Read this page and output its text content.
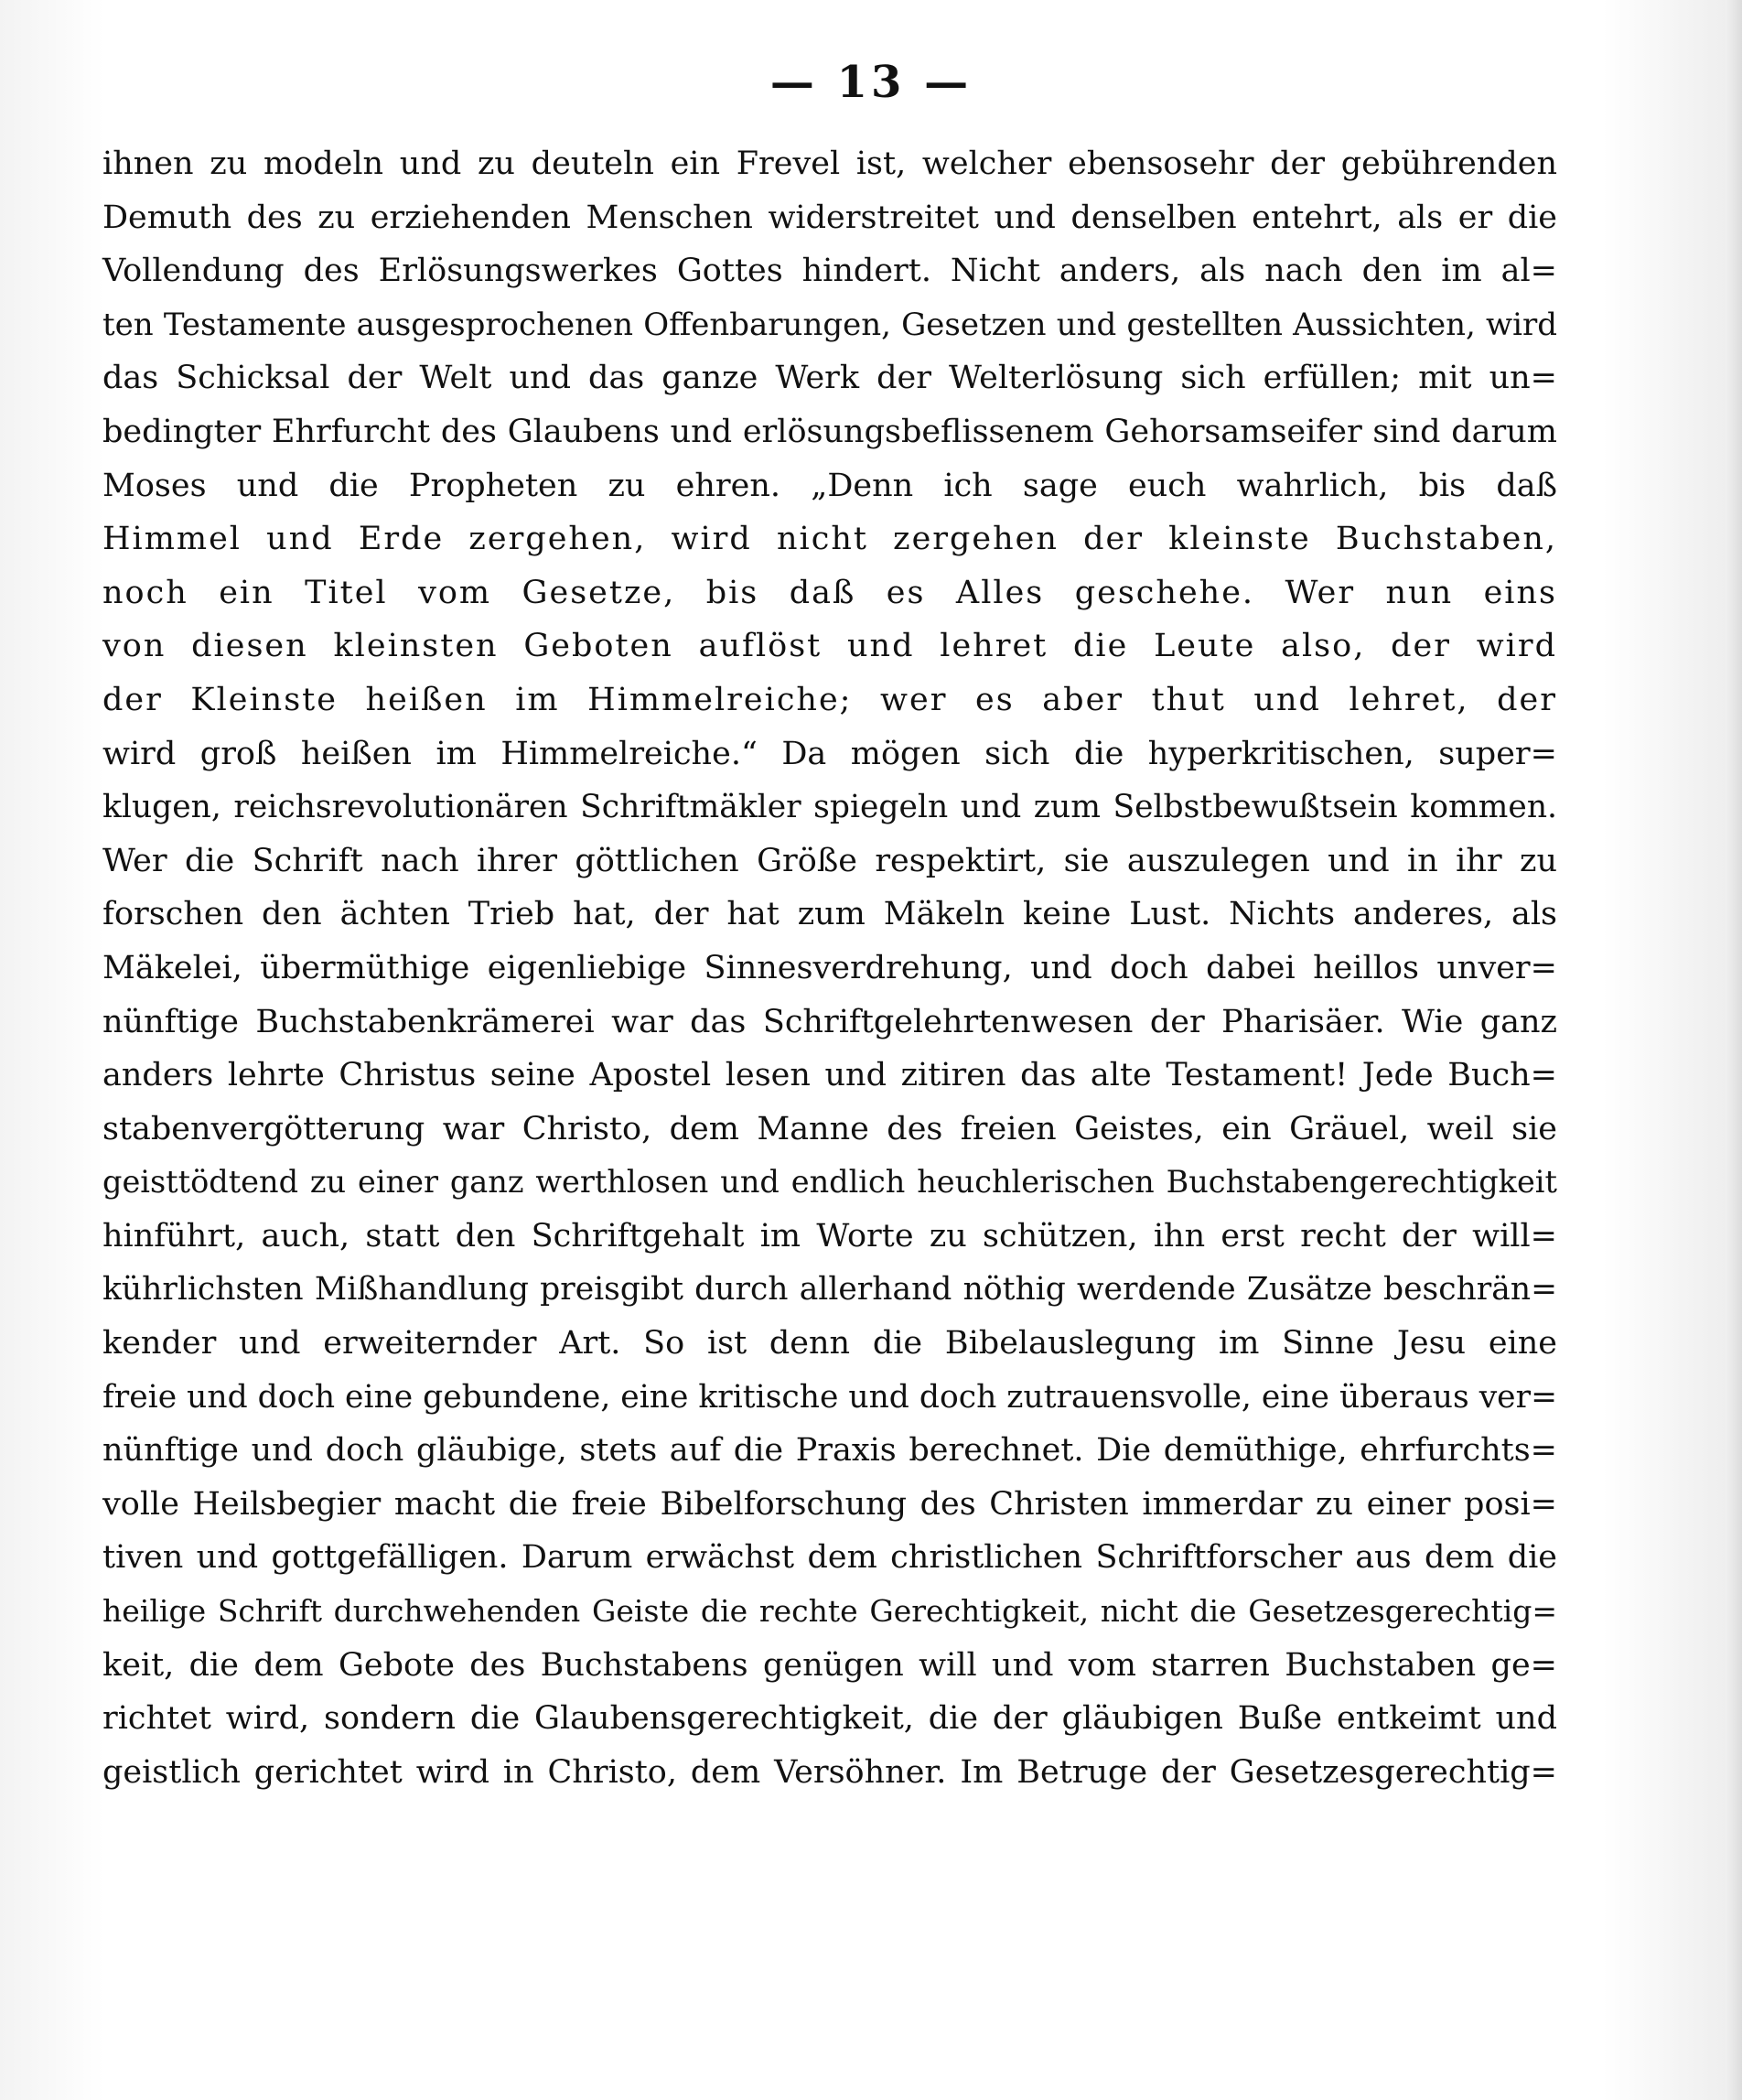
— 13 —
ihnen zu modeln und zu deuteln ein Frevel ist, welcher ebensosehr der gebührenden
Demuth des zu erziehenden Menschen widerstreitet und denselben entehrt, als er die
Vollendung des Erlösungswerkes Gottes hindert. Nicht anders, als nach den im al=
ten Testamente ausgesprochenen Offenbarungen, Gesetzen und gestellten Aussichten, wird
das Schicksal der Welt und das ganze Werk der Welterlösung sich erfüllen; mit un=
bedingter Ehrfurcht des Glaubens und erlösungsbeflissenem Gehorsamseifer sind darum
Moses und die Propheten zu ehren. „Denn ich sage euch wahrlich, bis daß
Himmel und Erde zergehen, wird nicht zergehen der kleinste Buchstaben,
noch ein Titel vom Gesetze, bis daß es Alles geschehe. Wer nun eins
von diesen kleinsten Geboten auflöst und lehret die Leute also, der wird
der Kleinste heißen im Himmelreiche; wer es aber thut und lehret, der
wird groß heißen im Himmelreiche.“ Da mögen sich die hyperkritischen, super=
klugen, reichsrevolutionären Schriftmäkler spiegeln und zum Selbstbewußtsein kommen.
Wer die Schrift nach ihrer göttlichen Größe respektirt, sie auszulegen und in ihr zu
forschen den ächten Trieb hat, der hat zum Mäkeln keine Lust. Nichts anderes, als
Mäkelei, übermüthige eigenliebige Sinnesverdrehung, und doch dabei heillos unver=
nünftige Buchstabenkrämerei war das Schriftgelehrtenwesen der Pharisäer. Wie ganz
anders lehrte Christus seine Apostel lesen und zitiren das alte Testament! Jede Buch=
stabenvergötterung war Christo, dem Manne des freien Geistes, ein Gräuel, weil sie
geisttödtend zu einer ganz werthlosen und endlich heuchlerischen Buchstabengerechtigkeit
hinführt, auch, statt den Schriftgehalt im Worte zu schützen, ihn erst recht der will=
kührlichsten Mißhandlung preisgibt durch allerhand nöthig werdende Zusätze beschrän=
kender und erweiternder Art. So ist denn die Bibelauslegung im Sinne Jesu eine
freie und doch eine gebundene, eine kritische und doch zutrauensvolle, eine überaus ver=
nünftige und doch gläubige, stets auf die Praxis berechnet. Die demüthige, ehrfurchts=
volle Heilsbegier macht die freie Bibelforschung des Christen immerdar zu einer posi=
tiven und gottgefälligen. Darum erwächst dem christlichen Schriftforscher aus dem die
heilige Schrift durchwehenden Geiste die rechte Gerechtigkeit, nicht die Gesetzesgerechtig=
keit, die dem Gebote des Buchstabens genügen will und vom starren Buchstaben ge=
richtet wird, sondern die Glaubensgerechtigkeit, die der gläubigen Buße entkeimt und
geistlich gerichtet wird in Christo, dem Versöhner. Im Betruge der Gesetzesgerechtig=
